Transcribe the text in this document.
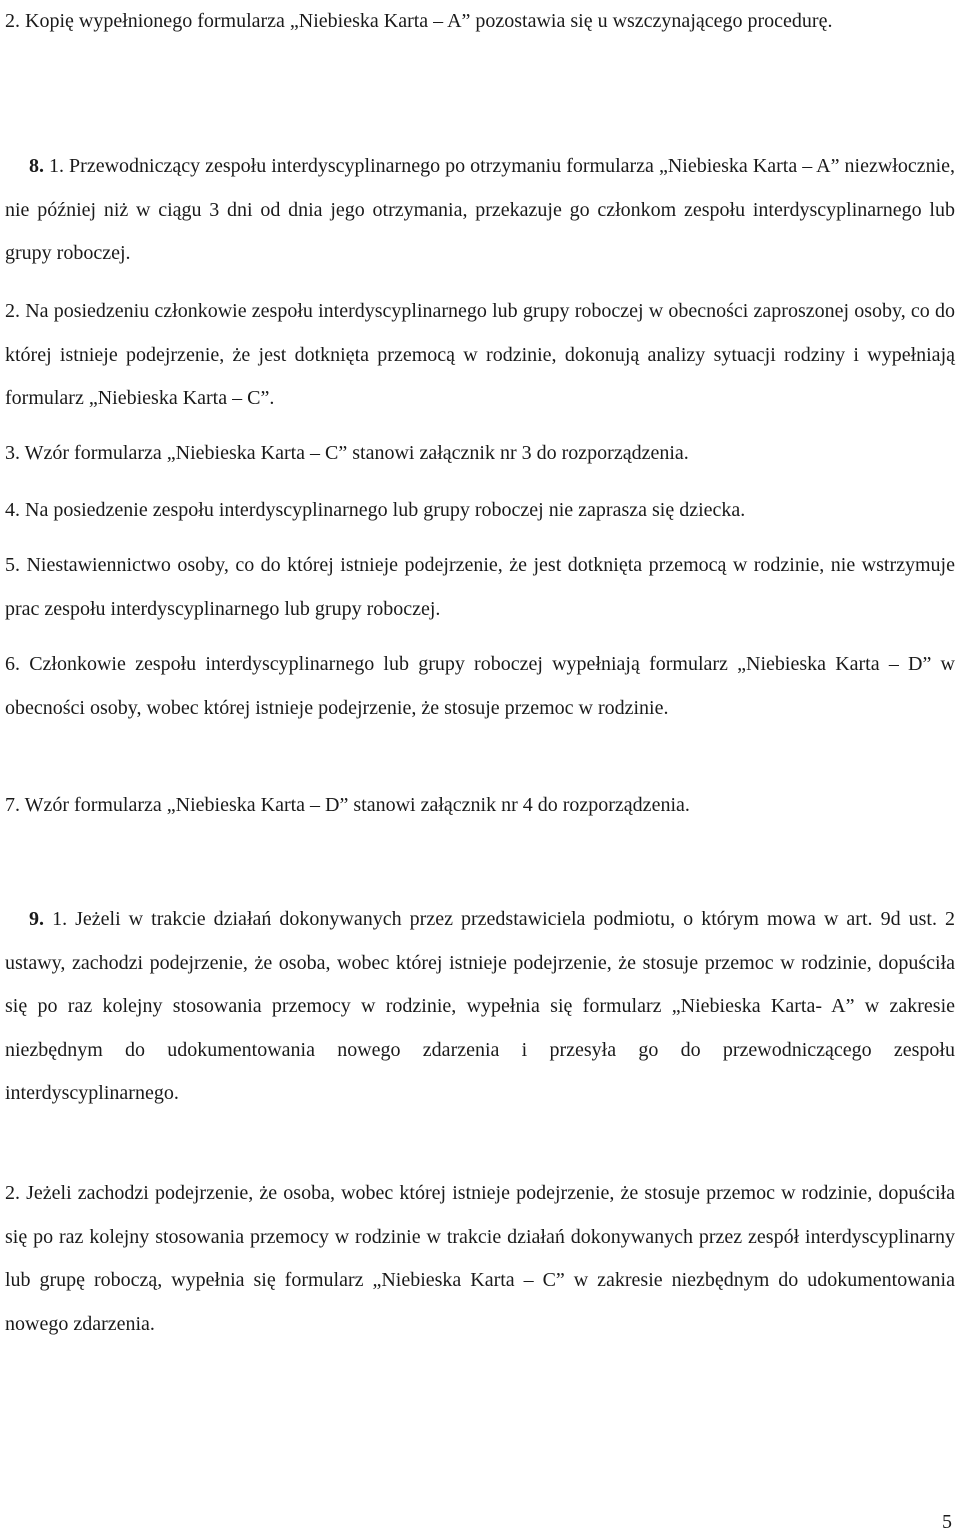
2. Kopię wypełnionego formularza „Niebieska Karta – A” pozostawia się u wszczynającego procedurę.

8. 1. Przewodniczący zespołu interdyscyplinarnego po otrzymaniu formularza „Niebieska Karta – A” niezwłocznie, nie później niż w ciągu 3 dni od dnia jego otrzymania, przekazuje go członkom zespołu interdyscyplinarnego lub grupy roboczej.

2. Na posiedzeniu członkowie zespołu interdyscyplinarnego lub grupy roboczej w obecności zaproszonej osoby, co do której istnieje podejrzenie, że jest dotknięta przemocą w rodzinie, dokonują analizy sytuacji rodziny i wypełniają formularz „Niebieska Karta – C”.

3. Wzór formularza „Niebieska Karta – C” stanowi załącznik nr 3 do rozporządzenia.

4. Na posiedzenie zespołu interdyscyplinarnego lub grupy roboczej nie zaprasza się dziecka.

5. Niestawiennictwo osoby, co do której istnieje podejrzenie, że jest dotknięta przemocą w rodzinie, nie wstrzymuje prac zespołu interdyscyplinarnego lub grupy roboczej.

6. Członkowie zespołu interdyscyplinarnego lub grupy roboczej wypełniają formularz „Niebieska Karta – D” w obecności osoby, wobec której istnieje podejrzenie, że stosuje przemoc w rodzinie.

7. Wzór formularza „Niebieska Karta – D” stanowi załącznik nr 4 do rozporządzenia.

9. 1. Jeżeli w trakcie działań dokonywanych przez przedstawiciela podmiotu, o którym mowa w art. 9d ust. 2 ustawy, zachodzi podejrzenie, że osoba, wobec której istnieje podejrzenie, że stosuje przemoc w rodzinie, dopuściła się po raz kolejny stosowania przemocy w rodzinie, wypełnia się formularz „Niebieska Karta- A” w zakresie niezbędnym do udokumentowania nowego zdarzenia i przesyła go do przewodniczącego zespołu interdyscyplinarnego.

2. Jeżeli zachodzi podejrzenie, że osoba, wobec której istnieje podejrzenie, że stosuje przemoc w rodzinie, dopuściła się po raz kolejny stosowania przemocy w rodzinie w trakcie działań dokonywanych przez zespół interdyscyplinarny lub grupę roboczą, wypełnia się formularz „Niebieska Karta – C” w zakresie niezbędnym do udokumentowania nowego zdarzenia.

5
